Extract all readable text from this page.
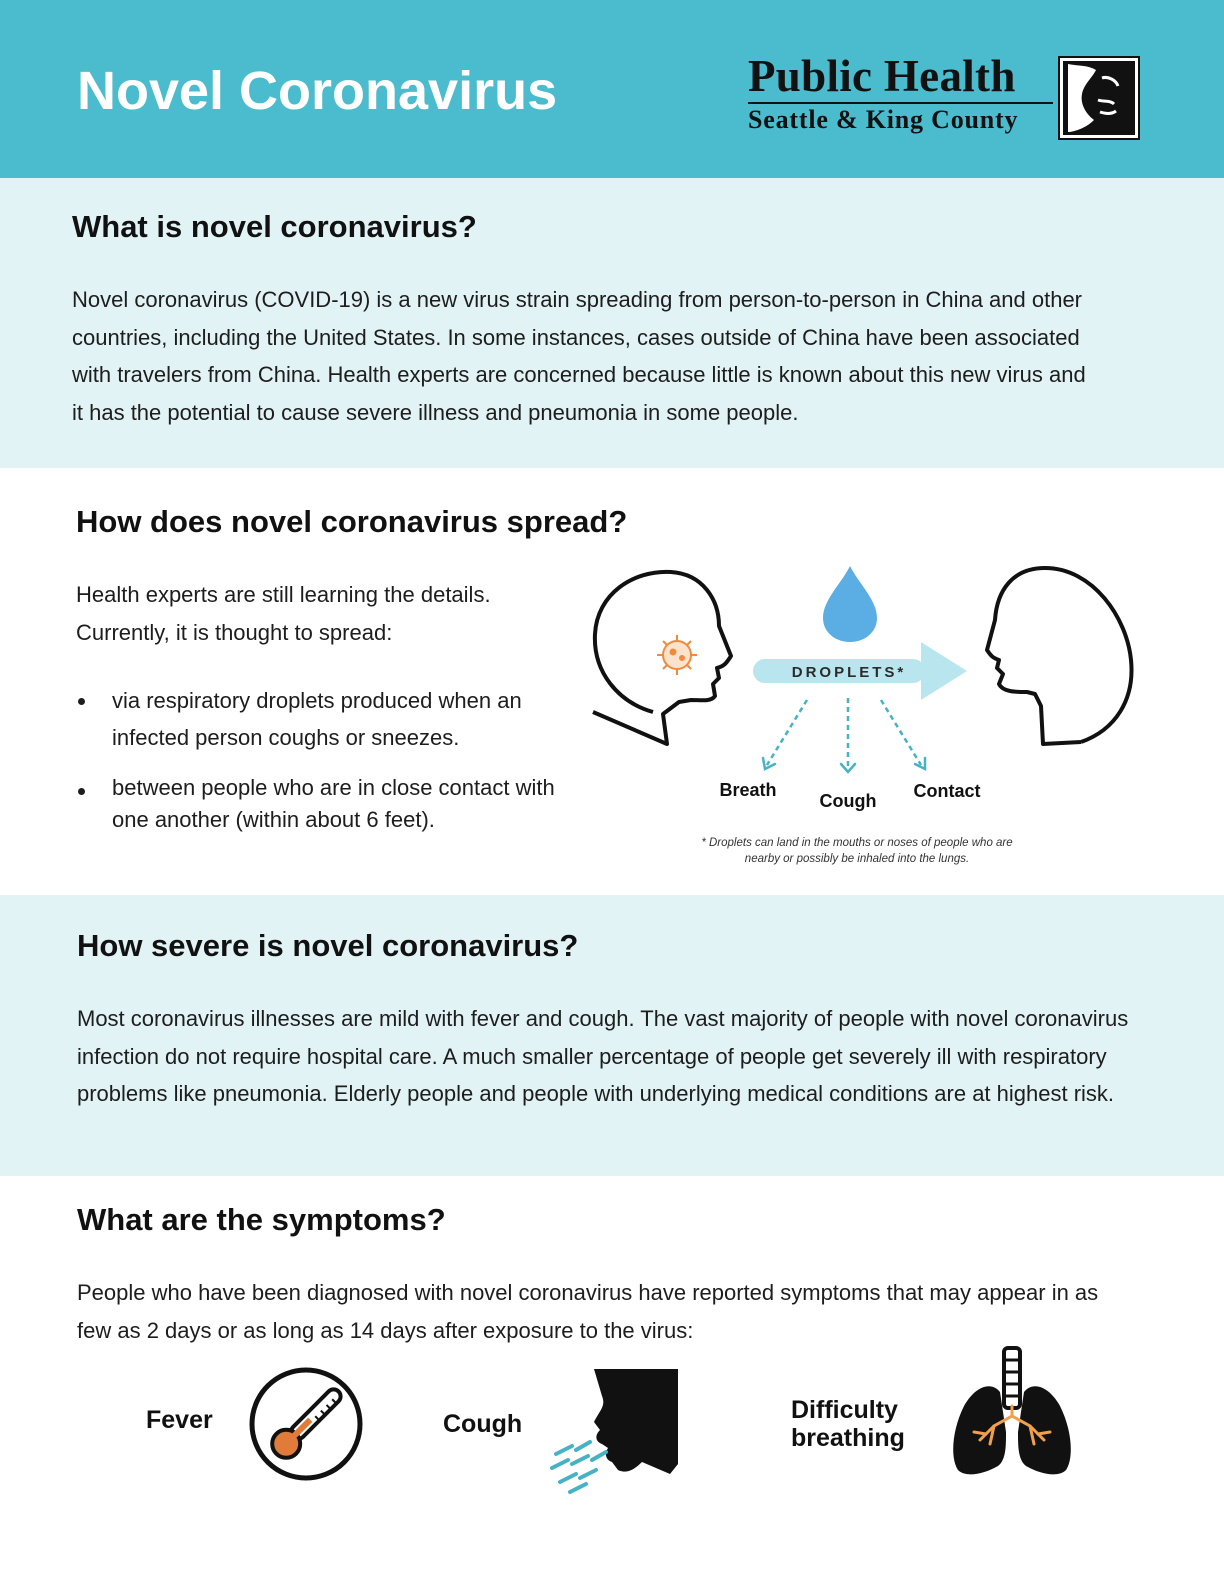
Novel Coronavirus	Public Health
Seattle & King County
What is novel coronavirus?

Novel coronavirus (COVID-19) is a new virus strain spreading from person-to-person in China and other countries, including the United States. In some instances, cases outside of China have been associated with travelers from China. Health experts are concerned because little is known about this new virus and it has the potential to cause severe illness and pneumonia in some people.

How does novel coronavirus spread?

Health experts are still learning the details. Currently, it is thought to spread:

via respiratory droplets produced when an infected person coughs or sneezes.
between people who are in close contact with one another (within about 6 feet).
DROPLETS*
Breath
Cough Contact
* Droplets can land in the mouths or noses of people who are
nearby or possibly be inhaled into the lungs.
How severe is novel coronavirus?

Most coronavirus illnesses are mild with fever and cough. The vast majority of people with novel coronavirus infection do not require hospital care. A much smaller percentage of people get severely ill with respiratory problems like pneumonia. Elderly people and people with underlying medical conditions are at highest risk.

What are the symptoms?

People who have been diagnosed with novel coronavirus have reported symptoms that may appear in as few as 2 days or as long as 14 days after exposure to the virus:

Fever	Cough	Difficulty
breathing
